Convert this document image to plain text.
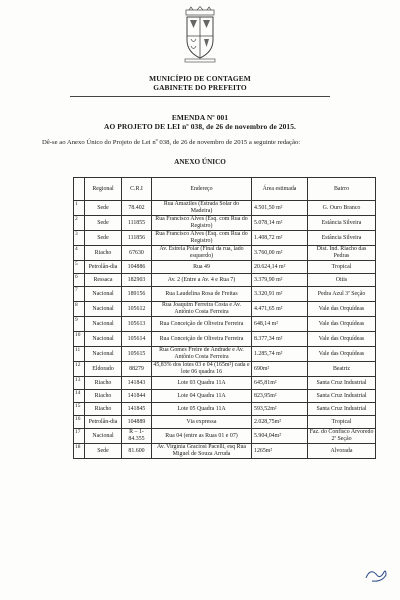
MUNICÍPIO DE CONTAGEM
GABINETE DO PREFEITO
EMENDA Nº 001
AO PROJETO DE LEI nº 038, de 26 de novembro de 2015.
Dê-se ao Anexo Único do Projeto de Lei nº 038, de 26 de novembro de 2015 a seguinte redação:
ANEXO ÚNICO
	Regional	C.R.I	Endereço	Área estimada	Bairro
1	Sede	78.402	Rua Amaziles (Estrada Solar do Madeira)	4.501,50 m²	G. Ouro Branco
2	Sede	111855	Rua Francisco Alves (Esq. com Rua do Registro)	5.078,14 m²	Estância Silveira
3	Sede	111856	Rua Francisco Alves (Esq. com Rua do Registro)	1.408,72 m²	Estância Silveira
4	Riacho	67630	Av. Estrela Polar (Final da rua, lado esquerdo)	3.760,00 m²	Dist. Ind. Riacho das Pedras
5	Petrolân-dia	104886	Rua 49	20.624,14 m²	Tropical
6	Ressaca	182903	Av. 2 (Entre a Av. 4 e Rua 7)	3.379,90 m²	Oitis
7	Nacional	189156	Rua Laudelina Rosa de Freitas	3.320,91 m²	Pedra Azul 3ª Seção
8	Nacional	105612	Rua Joaquim Ferreira Costa e Av. Antônio Costa Ferreira	4.471,65 m²	Vale das Orquídeas
9	Nacional	105613	Rua Conceição de Oliveira Ferreira	648,14 m²	Vale das Orquídeas
10	Nacional	105614	Rua Conceição de Oliveira Ferreira	8.377,34 m²	Vale das Orquídeas
11	Nacional	105615	Rua Gomes Freire de Andrade e Av. Antônio Costa Ferreira	1.285,74 m²	Vale das Orquídeas
12	Eldorado	88279	45,83% dos lotes 03 e 04 (165m²) cada e lote 06 quadra 16	690m²	Beatriz
13	Riacho	141843	Lote 03 Quadra 11A	645,81m²	Santa Cruz Industrial
14	Riacho	141844	Lote 04 Quadra 11A	823,95m²	Santa Cruz Industrial
15	Riacho	141845	Lote 05 Quadra 11A	593,52m²	Santa Cruz Industrial
16	Petrolân-dia	104889	Via expressa	2.028,75m²	Tropical
17	Nacional	R – 1- 84.355	Rua 04 (entre as Ruas 01 e 07)	5.904,04m²	Faz. do Confisco Arvoredo 2ª Seção
18	Sede	81.600	Av. Virgínia Graciosi Pacelli, esq Rua Miguel de Souza Arruda	1265m²	Alvorada
